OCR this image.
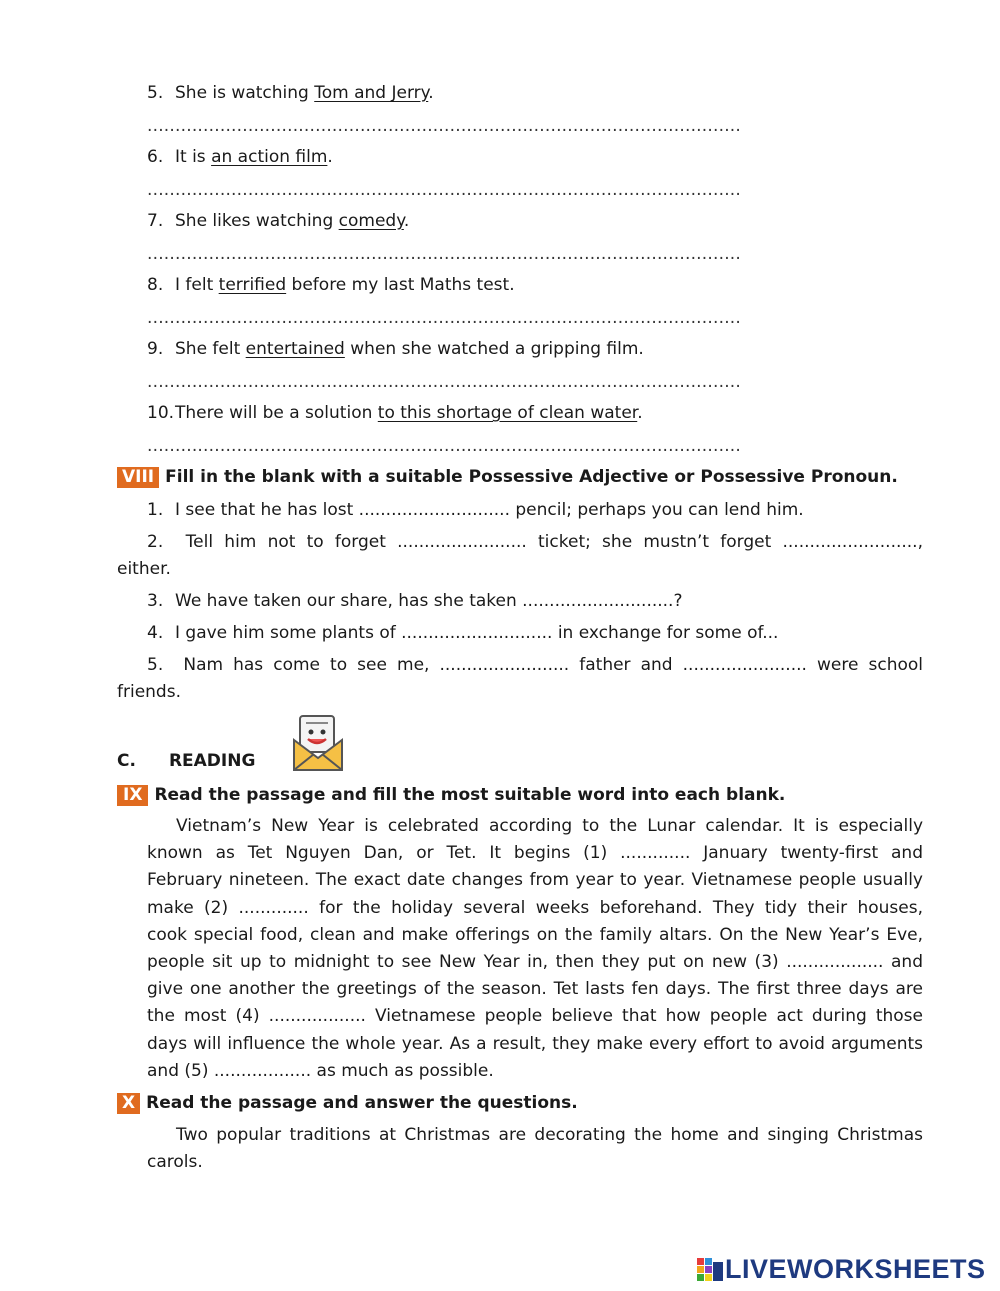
5. She is watching Tom and Jerry.
..........................................................................................................
6. It is an action film.
..........................................................................................................
7. She likes watching comedy.
..........................................................................................................
8. I felt terrified before my last Maths test.
..........................................................................................................
9. She felt entertained when she watched a gripping film.
..........................................................................................................
10.There will be a solution to this shortage of clean water.
..........................................................................................................
VIII Fill in the blank with a suitable Possessive Adjective or Possessive Pronoun.
1. I see that he has lost ............................ pencil; perhaps you can lend him.
2. Tell him not to forget ........................ ticket; she mustn’t forget .........................,
either.
3. We have taken our share, has she taken ............................?
4. I gave him some plants of ............................ in exchange for some of...
5. Nam has come to see me, ........................ father and ....................... were school
friends.
C. READING
IX Read the passage and fill the most suitable word into each blank.
Vietnam’s New Year is celebrated according to the Lunar calendar. It is especially
known as Tet Nguyen Dan, or Tet. It begins (1) ............. January twenty-first and
February nineteen. The exact date changes from year to year. Vietnamese people usually
make (2) ............. for the holiday several weeks beforehand. They tidy their houses,
cook special food, clean and make offerings on the family altars. On the New Year’s Eve,
people sit up to midnight to see New Year in, then they put on new (3) .................. and
give one another the greetings of the season. Tet lasts fen days. The first three days are
the most (4) .................. Vietnamese people believe that how people act during those
days will influence the whole year. As a result, they make every effort to avoid arguments
and (5) .................. as much as possible.
X Read the passage and answer the questions.
Two popular traditions at Christmas are decorating the home and singing Christmas
carols.
LIVEWORKSHEETS
